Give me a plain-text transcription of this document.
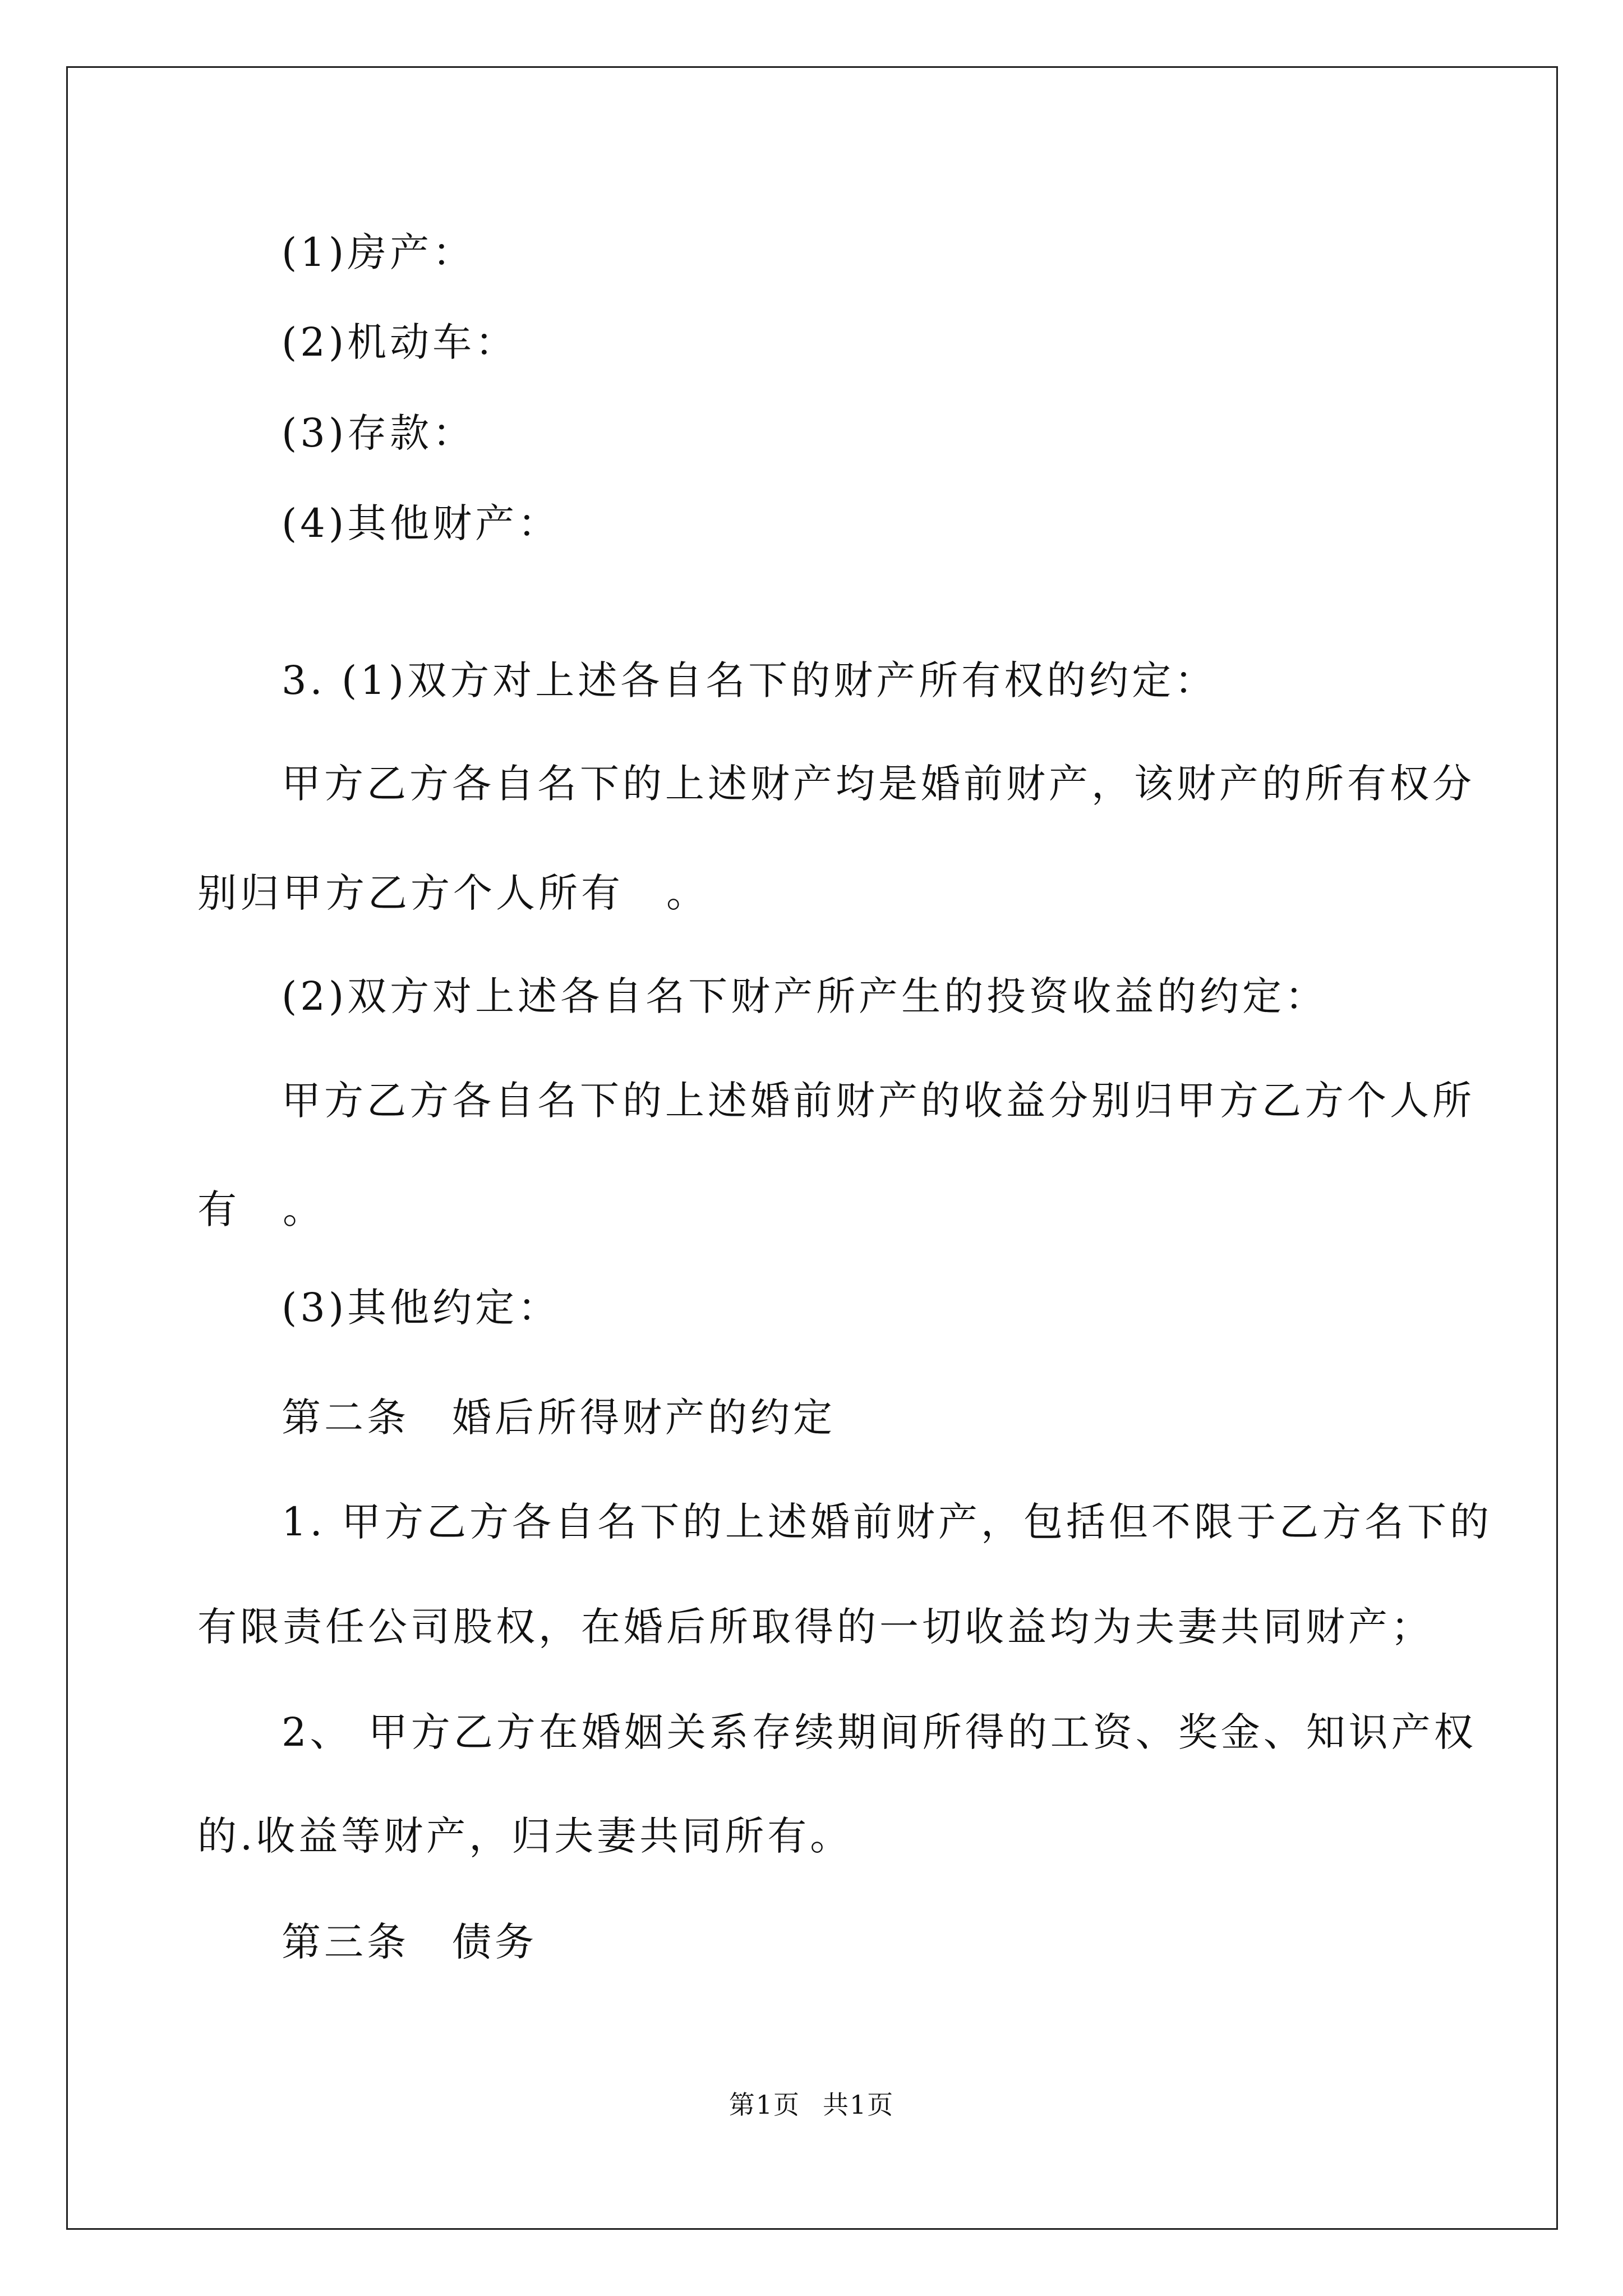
(1)房产：
(2)机动车：
(3)存款：
(4)其他财产：
3. (1)双方对上述各自名下的财产所有权的约定：
甲方乙方各自名下的上述财产均是婚前财产，该财产的所有权分
别归甲方乙方个人所有　。
(2)双方对上述各自名下财产所产生的投资收益的约定：
甲方乙方各自名下的上述婚前财产的收益分别归甲方乙方个人所
有　。
(3)其他约定：
第二条　婚后所得财产的约定
1. 甲方乙方各自名下的上述婚前财产，包括但不限于乙方名下的
有限责任公司股权，在婚后所取得的一切收益均为夫妻共同财产；
2、 甲方乙方在婚姻关系存续期间所得的工资、奖金、知识产权
的.收益等财产，归夫妻共同所有。
第三条　债务
第1页 共1页
